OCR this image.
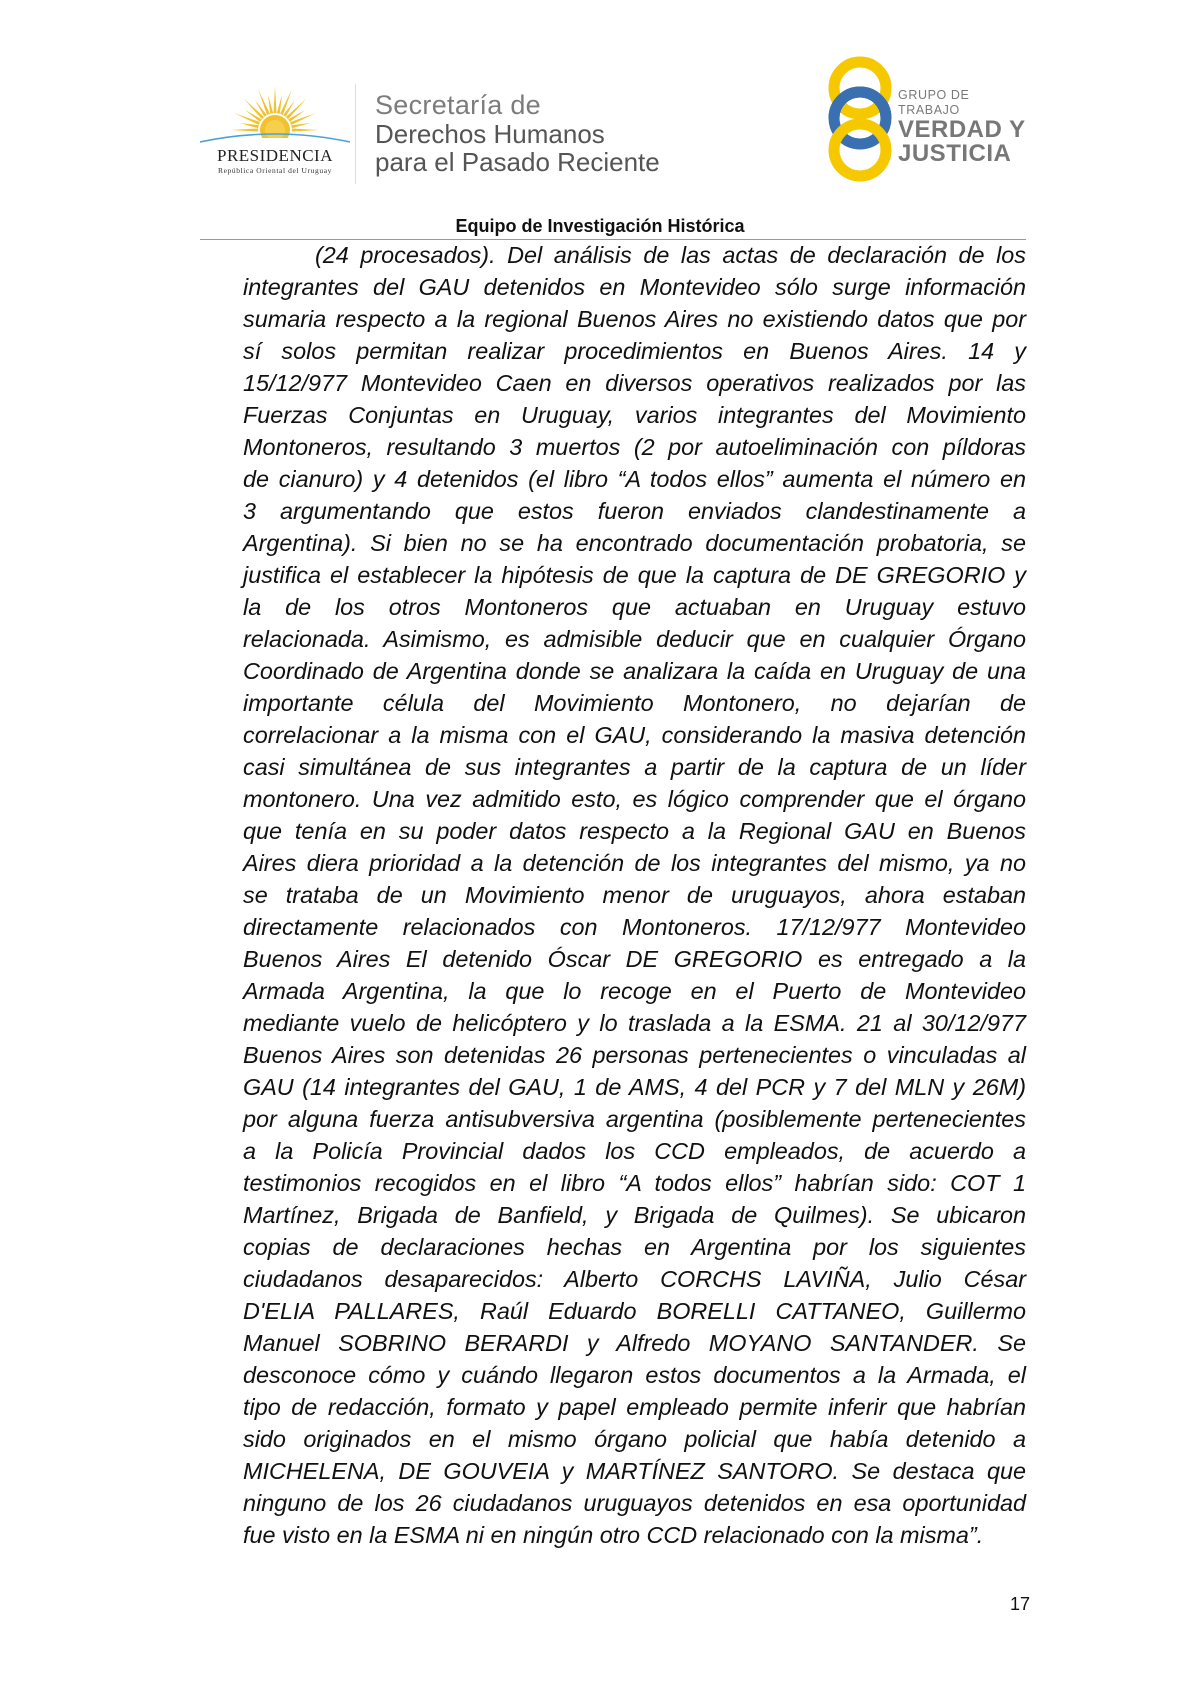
PRESIDENCIA
República Oriental del Uruguay
Secretaría de
Derechos Humanos
para el Pasado Reciente
GRUPO DE TRABAJO
VERDAD Y
JUSTICIA
Equipo de Investigación Histórica
(24 procesados). Del análisis de las actas de declaración de los
integrantes del GAU detenidos en Montevideo sólo surge información
sumaria respecto a la regional Buenos Aires no existiendo datos que por
sí solos permitan realizar procedimientos en Buenos Aires. 14 y
15/12/977 Montevideo Caen en diversos operativos realizados por las
Fuerzas Conjuntas en Uruguay, varios integrantes del Movimiento
Montoneros, resultando 3 muertos (2 por autoeliminación con píldoras
de cianuro) y 4 detenidos (el libro “A todos ellos” aumenta el número en
3 argumentando que estos fueron enviados clandestinamente a
Argentina). Si bien no se ha encontrado documentación probatoria, se
justifica el establecer la hipótesis de que la captura de DE GREGORIO y
la de los otros Montoneros que actuaban en Uruguay estuvo
relacionada. Asimismo, es admisible deducir que en cualquier Órgano
Coordinado de Argentina donde se analizara la caída en Uruguay de una
importante célula del Movimiento Montonero, no dejarían de
correlacionar a la misma con el GAU, considerando la masiva detención
casi simultánea de sus integrantes a partir de la captura de un líder
montonero. Una vez admitido esto, es lógico comprender que el órgano
que tenía en su poder datos respecto a la Regional GAU en Buenos
Aires diera prioridad a la detención de los integrantes del mismo, ya no
se trataba de un Movimiento menor de uruguayos, ahora estaban
directamente relacionados con Montoneros. 17/12/977 Montevideo
Buenos Aires El detenido Óscar DE GREGORIO es entregado a la
Armada Argentina, la que lo recoge en el Puerto de Montevideo
mediante vuelo de helicóptero y lo traslada a la ESMA. 21 al 30/12/977
Buenos Aires son detenidas 26 personas pertenecientes o vinculadas al
GAU (14 integrantes del GAU, 1 de AMS, 4 del PCR y 7 del MLN y 26M)
por alguna fuerza antisubversiva argentina (posiblemente pertenecientes
a la Policía Provincial dados los CCD empleados, de acuerdo a
testimonios recogidos en el libro “A todos ellos” habrían sido: COT 1
Martínez, Brigada de Banfield, y Brigada de Quilmes). Se ubicaron
copias de declaraciones hechas en Argentina por los siguientes
ciudadanos desaparecidos: Alberto CORCHS LAVIÑA, Julio César
D'ELIA PALLARES, Raúl Eduardo BORELLI CATTANEO, Guillermo
Manuel SOBRINO BERARDI y Alfredo MOYANO SANTANDER. Se
desconoce cómo y cuándo llegaron estos documentos a la Armada, el
tipo de redacción, formato y papel empleado permite inferir que habrían
sido originados en el mismo órgano policial que había detenido a
MICHELENA, DE GOUVEIA y MARTÍNEZ SANTORO. Se destaca que
ninguno de los 26 ciudadanos uruguayos detenidos en esa oportunidad
fue visto en la ESMA ni en ningún otro CCD relacionado con la misma”.
17
